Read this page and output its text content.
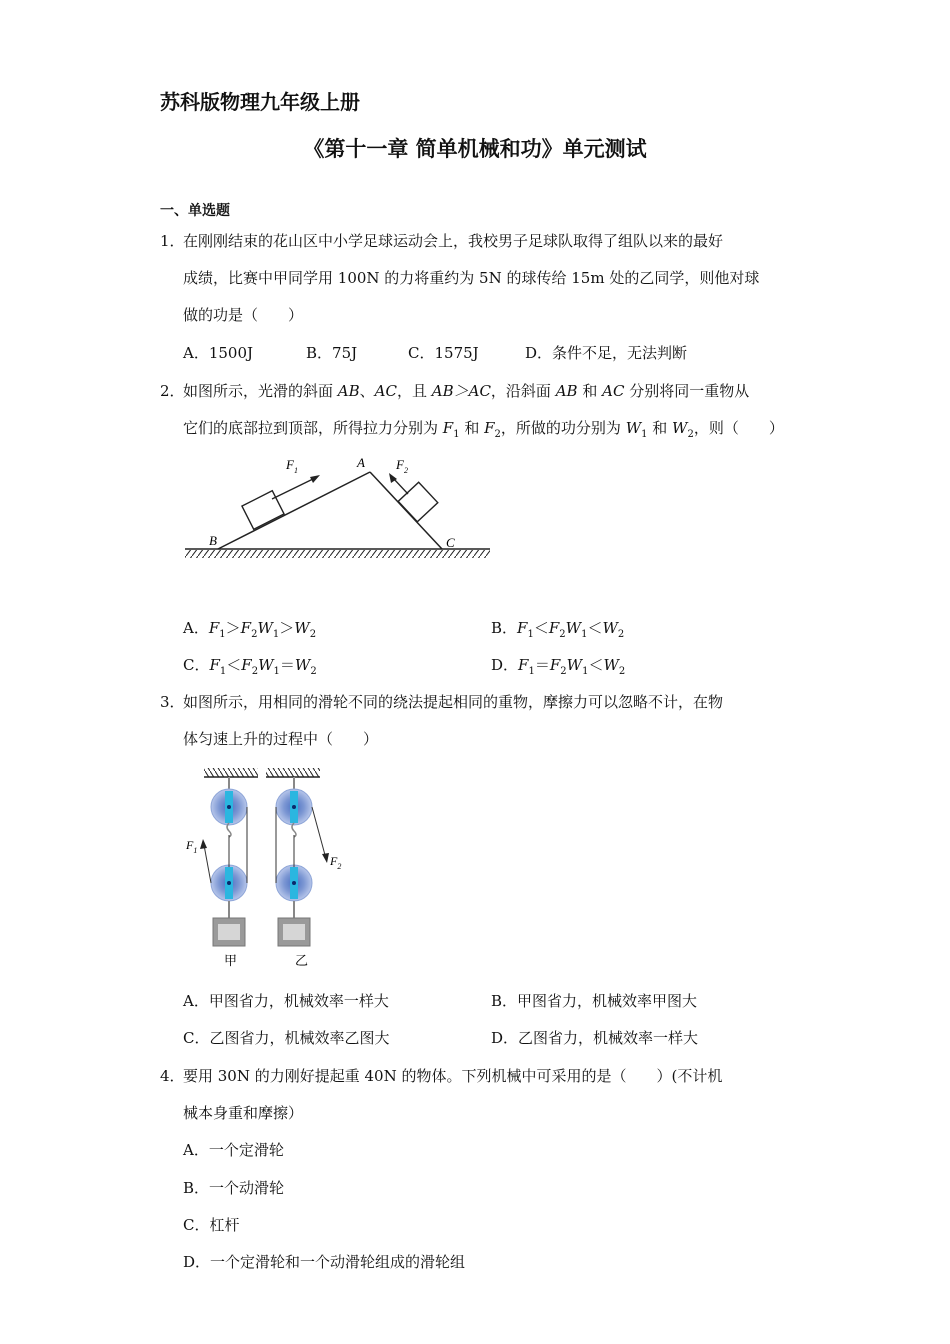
苏科版物理九年级上册
《第十一章 简单机械和功》单元测试
一、单选题
1．
在刚刚结束的花山区中小学足球运动会上，我校男子足球队取得了组队以来的最好
成绩，比赛中甲同学用 100N 的力将重约为 5N 的球传给 15m 处的乙同学，则他对球
做的功是（　　）
A．1500J	B．75J	C．1575J	D．条件不足，无法判断
2．
如图所示，光滑的斜面 AB、AC，且 AB＞AC，沿斜面 AB 和 AC 分别将同一重物从
它们的底部拉到顶部，所得拉力分别为 $F_1$ 和 $F_2$，所做的功分别为 $W_1$ 和 $W_2$，则（　　）
$F_1$
A $F_2$
B	C
A．$F_1>F_2W_1>W_2$	B．$F_1<F_2W_1<W_2$
C．$F_1<F_2W_1=W_2$	D．$F_1=F_2W_1<W_2$
3．
如图所示，用相同的滑轮不同的绕法提起相同的重物，摩擦力可以忽略不计，在物
体匀速上升的过程中（　　）
$F_1$
甲
$F_2$
乙
A．甲图省力，机械效率一样大	B．甲图省力，机械效率甲图大
C．乙图省力，机械效率乙图大	D．乙图省力，机械效率一样大
4．
要用 30N 的力刚好提起重 40N 的物体。下列机械中可采用的是（　　）(不计机
械本身重和摩擦）
A．一个定滑轮
B．一个动滑轮
C．杠杆
D．一个定滑轮和一个动滑轮组成的滑轮组
